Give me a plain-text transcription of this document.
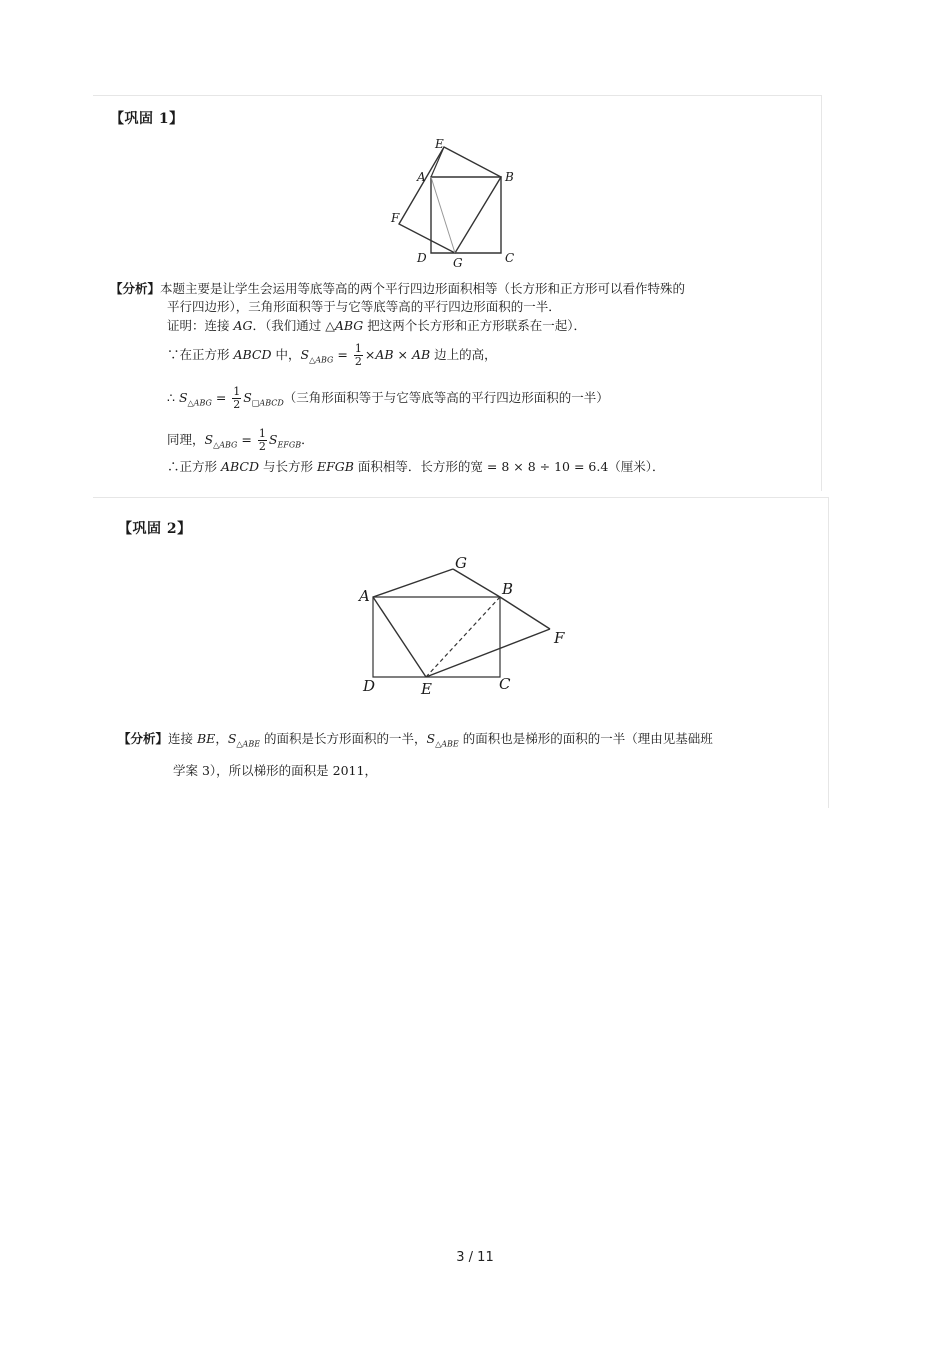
【巩固 1】
E
A	B
F
D G	C
【分析】本题主要是让学生会运用等底等高的两个平行四边形面积相等（长方形和正方形可以看作特殊的
平行四边形），三角形面积等于与它等底等高的平行四边形面积的一半．
证明：连接 AG．（我们通过 △ABG 把这两个长方形和正方形联系在一起）．
∵在正方形 ABCD 中，$S_{\triangle ABG} = \frac{1}{2} \times AB$ × AB 边上的高，
∴ $S_{\triangle ABG} = \frac{1}{2} S_{□ABCD}$（三角形面积等于与它等底等高的平行四边形面积的一半）
同理，$S_{\triangle ABG} = \frac{1}{2} S_{EFGB}$．
∴正方形 ABCD 与长方形 EFGB 面积相等．长方形的宽 = 8 × 8 ÷ 10 = 6.4（厘米）．
【巩固 2】
A
G
B
F
D	E	C
【分析】连接 BE，$S_{\triangle ABE}$ 的面积是长方形面积的一半，$S_{\triangle ABE}$ 的面积也是梯形的面积的一半（理由见基础班
学案 3），所以梯形的面积是 2011，
3 / 11
